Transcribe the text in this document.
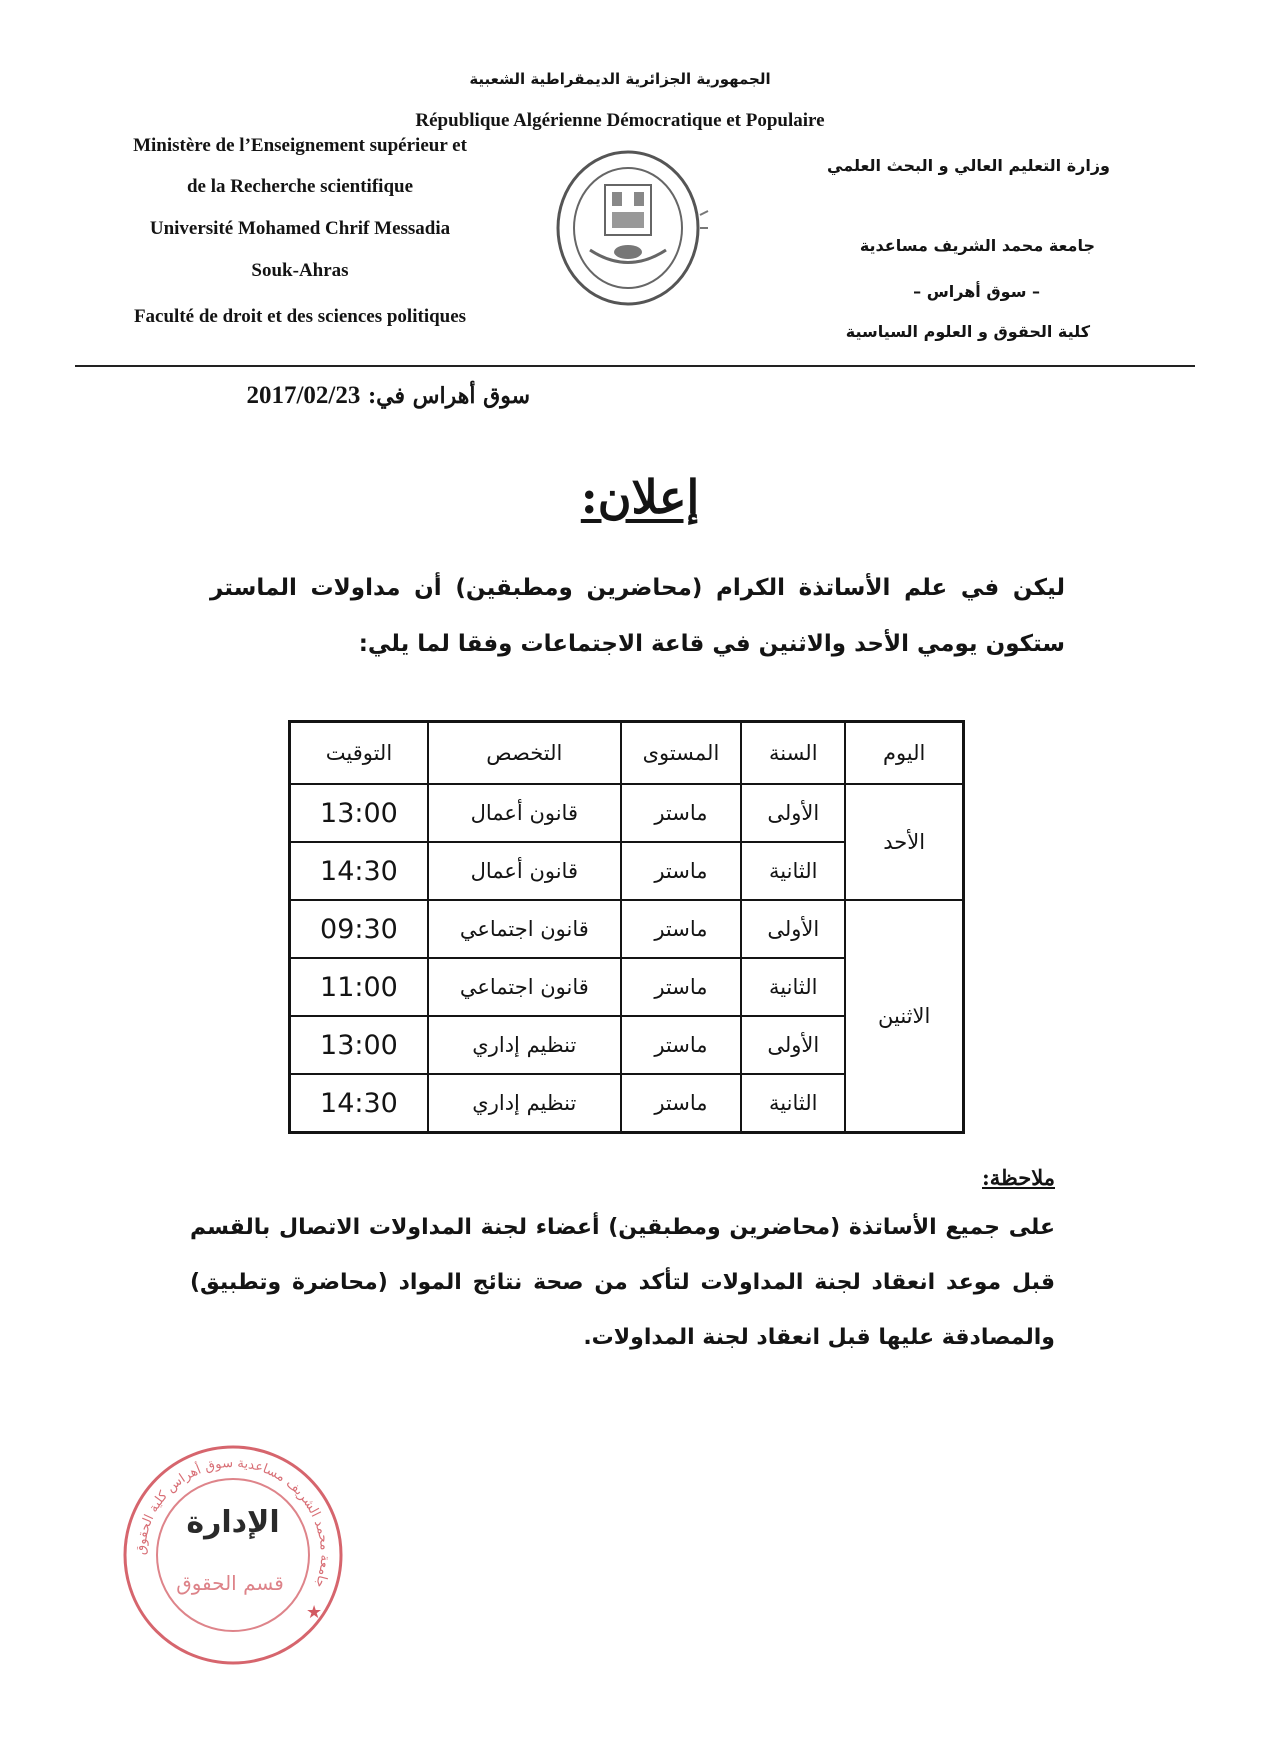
الجمهورية الجزائرية الديمقراطية الشعبية
République Algérienne Démocratique et Populaire
Ministère de l’Enseignement supérieur et
de la Recherche scientifique
Université Mohamed Chrif Messadia
Souk-Ahras
Faculté de droit et des sciences politiques
وزارة التعليم العالي و البحث العلمي
جامعة محمد الشريف مساعدية
– سوق أهراس –
كلية الحقوق و العلوم السياسية
سوق أهراس في: 2017/02/23
إعلان:
ليكن في علم الأساتذة الكرام (محاضرين ومطبقين) أن مداولات الماستر ستكون يومي الأحد والاثنين في قاعة الاجتماعات وفقا لما يلي:
اليوم	السنة	المستوى	التخصص	التوقيت
الأحد	الأولى	ماستر	قانون أعمال	13:00
	الثانية	ماستر	قانون أعمال	14:30
الاثنين	الأولى	ماستر	قانون اجتماعي	09:30
	الثانية	ماستر	قانون اجتماعي	11:00
	الأولى	ماستر	تنظيم إداري	13:00
	الثانية	ماستر	تنظيم إداري	14:30
ملاحظة:
على جميع الأساتذة (محاضرين ومطبقين) أعضاء لجنة المداولات الاتصال بالقسم قبل موعد انعقاد لجنة المداولات لتأكد من صحة نتائج المواد (محاضرة وتطبيق) والمصادقة عليها قبل انعقاد لجنة المداولات.
جامعة محمد الشريف مساعدية سوق أهراس كلية الحقوق
الإدارة
قسم الحقوق
★
